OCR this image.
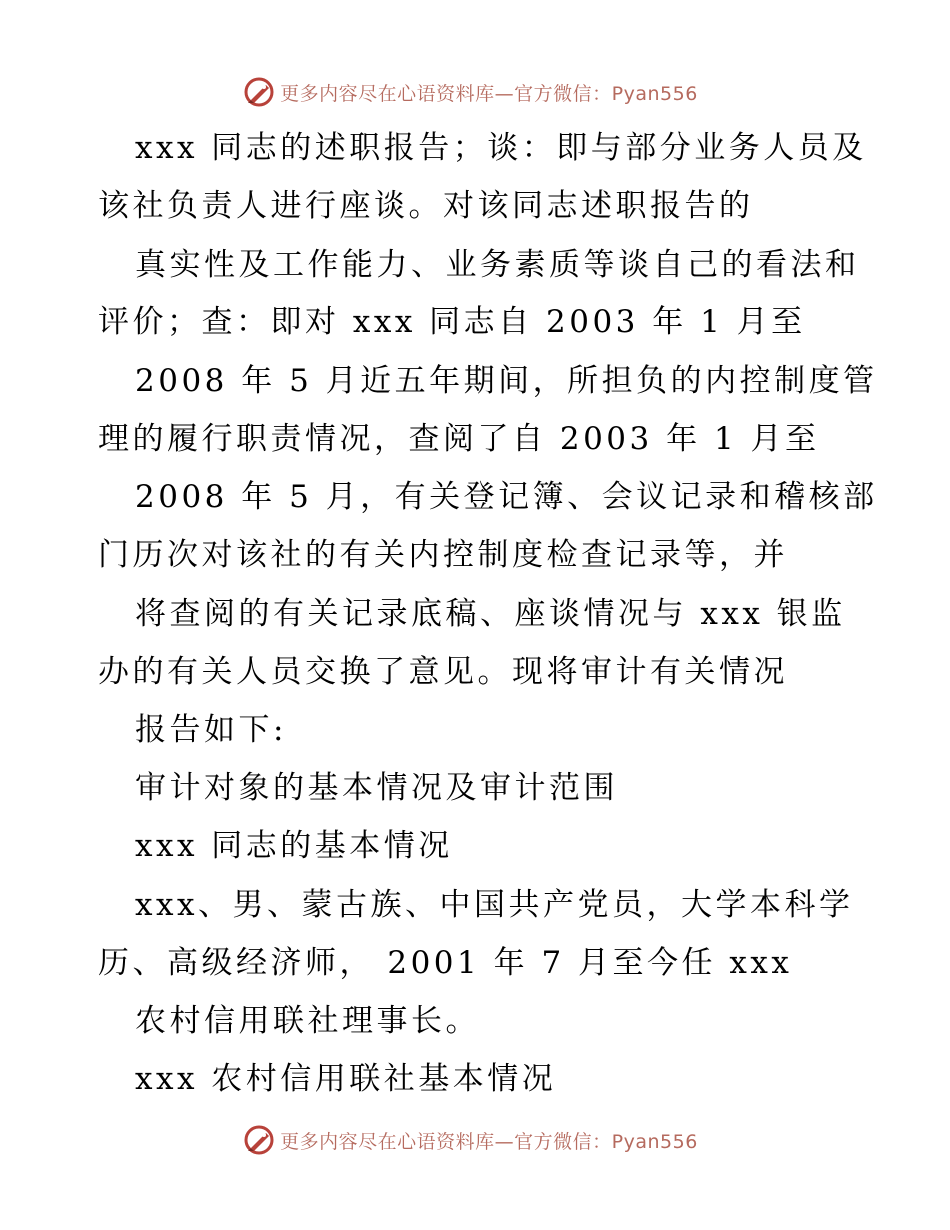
更多内容尽在心语资料库—官方微信：Pyan556

xxx 同志的述职报告；谈：即与部分业务人员及

该社负责人进行座谈。对该同志述职报告的

真实性及工作能力、业务素质等谈自己的看法和

评价；查：即对 xxx 同志自 2003 年 1 月至

2008 年 5 月近五年期间，所担负的内控制度管

理的履行职责情况，查阅了自 2003 年 1 月至

2008 年 5 月，有关登记簿、会议记录和稽核部

门历次对该社的有关内控制度检查记录等，并

将查阅的有关记录底稿、座谈情况与 xxx 银监

办的有关人员交换了意见。现将审计有关情况

报告如下:

审计对象的基本情况及审计范围

xxx 同志的基本情况

xxx、男、蒙古族、中国共产党员，大学本科学

历、高级经济师， 2001 年 7 月至今任 xxx

农村信用联社理事长。

xxx 农村信用联社基本情况

更多内容尽在心语资料库—官方微信：Pyan556
